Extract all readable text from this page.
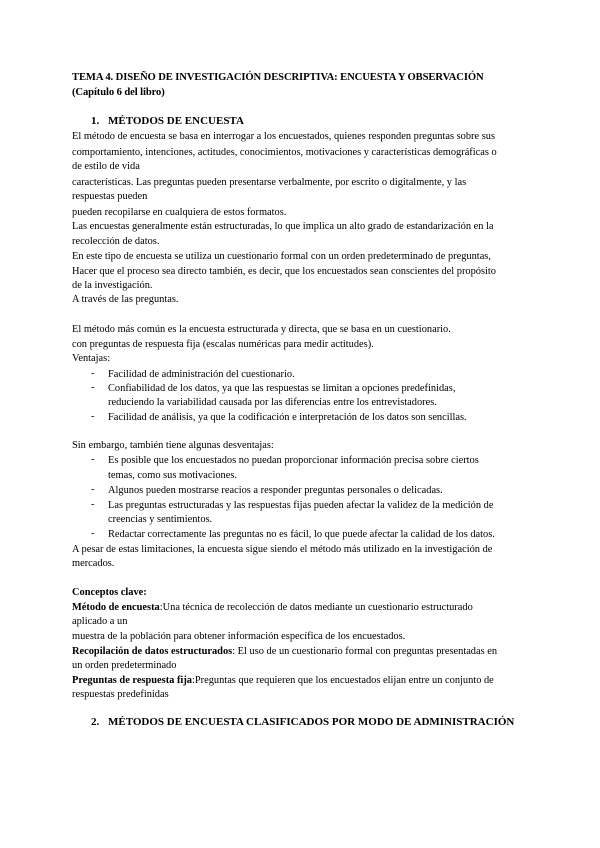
TEMA 4. DISEÑO DE INVESTIGACIÓN DESCRIPTIVA: ENCUESTA Y OBSERVACIÓN
(Capítulo 6 del libro)
1. MÉTODOS DE ENCUESTA
El método de encuesta se basa en interrogar a los encuestados, quienes responden preguntas sobre sus
comportamiento, intenciones, actitudes, conocimientos, motivaciones y características demográficas o
de estilo de vida
características. Las preguntas pueden presentarse verbalmente, por escrito o digitalmente, y las
respuestas pueden
pueden recopilarse en cualquiera de estos formatos.
Las encuestas generalmente están estructuradas, lo que implica un alto grado de estandarización en la
recolección de datos.
En este tipo de encuesta se utiliza un cuestionario formal con un orden predeterminado de preguntas,
Hacer que el proceso sea directo también, es decir, que los encuestados sean conscientes del propósito
de la investigación.
A través de las preguntas.
El método más común es la encuesta estructurada y directa, que se basa en un cuestionario.
con preguntas de respuesta fija (escalas numéricas para medir actitudes).
Ventajas:
- Facilidad de administración del cuestionario.
- Confiabilidad de los datos, ya que las respuestas se limitan a opciones predefinidas,
reduciendo la variabilidad causada por las diferencias entre los entrevistadores.
- Facilidad de análisis, ya que la codificación e interpretación de los datos son sencillas.
Sin embargo, también tiene algunas desventajas:
- Es posible que los encuestados no puedan proporcionar información precisa sobre ciertos
temas, como sus motivaciones.
- Algunos pueden mostrarse reacios a responder preguntas personales o delicadas.
- Las preguntas estructuradas y las respuestas fijas pueden afectar la validez de la medición de
creencias y sentimientos.
- Redactar correctamente las preguntas no es fácil, lo que puede afectar la calidad de los datos.
A pesar de estas limitaciones, la encuesta sigue siendo el método más utilizado en la investigación de
mercados.
Conceptos clave:
Método de encuesta:Una técnica de recolección de datos mediante un cuestionario estructurado
aplicado a un
muestra de la población para obtener información específica de los encuestados.
Recopilación de datos estructurados: El uso de un cuestionario formal con preguntas presentadas en
un orden predeterminado
Preguntas de respuesta fija:Preguntas que requieren que los encuestados elijan entre un conjunto de
respuestas predefinidas
2. MÉTODOS DE ENCUESTA CLASIFICADOS POR MODO DE ADMINISTRACIÓN
